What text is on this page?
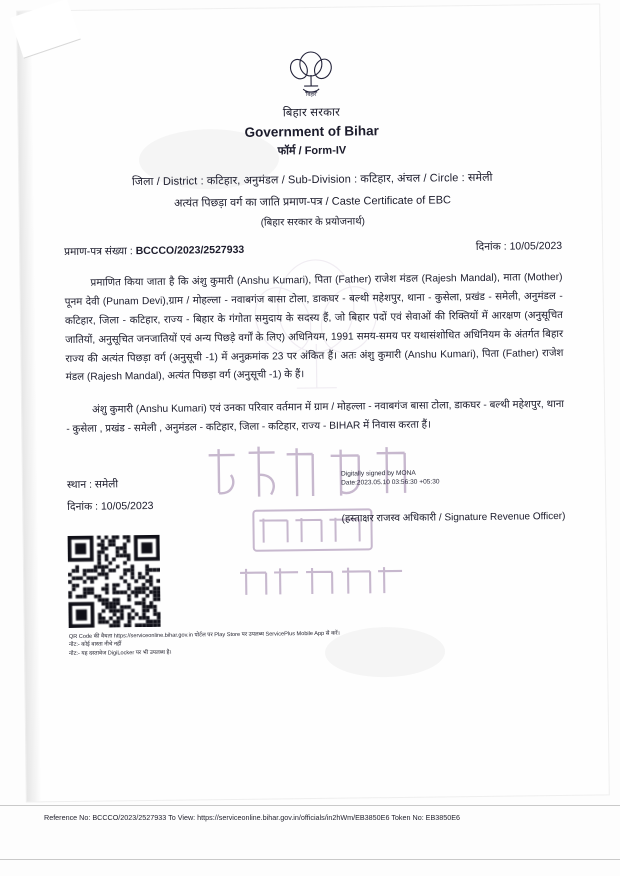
बिहार
बिहार सरकार
Government of Bihar
फॉर्म / Form-IV
जिला / District : कटिहार, अनुमंडल / Sub-Division : कटिहार, अंचल / Circle : समेली
अत्यंत पिछड़ा वर्ग का जाति प्रमाण-पत्र / Caste Certificate of EBC
(बिहार सरकार के प्रयोजनार्थ)
प्रमाण-पत्र संख्या : BCCCO/2023/2527933	दिनांक : 10/05/2023

प्रमाणित किया जाता है कि अंशु कुमारी (Anshu Kumari), पिता (Father) राजेश मंडल (Rajesh Mandal), माता (Mother) पूनम देवी (Punam Devi),ग्राम / मोहल्ला - नवाबगंज बासा टोला, डाकघर - बल्थी महेशपुर, थाना - कुसेला, प्रखंड - समेली, अनुमंडल - कटिहार, जिला - कटिहार, राज्य - बिहार के गंगोता समुदाय के सदस्य हैं, जो बिहार पदों एवं सेवाओं की रिक्तियों में आरक्षण (अनुसूचित जातियों, अनुसूचित जनजातियों एवं अन्य पिछड़े वर्गों के लिए) अधिनियम, 1991 समय-समय पर यथासंशोधित अधिनियम के अंतर्गत बिहार राज्य की अत्यंत पिछड़ा वर्ग (अनुसूची -1) में अनुक्रमांक 23 पर अंकित हैं। अतः अंशु कुमारी (Anshu Kumari), पिता (Father) राजेश मंडल (Rajesh Mandal), अत्यंत पिछड़ा वर्ग (अनुसूची -1) के हैं।

अंशु कुमारी (Anshu Kumari) एवं उनका परिवार वर्तमान में ग्राम / मोहल्ला - नवाबगंज बासा टोला, डाकघर - बल्थी महेशपुर, थाना - कुसेला , प्रखंड - समेली , अनुमंडल - कटिहार, जिला - कटिहार, राज्य - BIHAR में निवास करता हैं।

स्थान : समेली
दिनांक : 10/05/2023
Digitally signed by MONA
Date:2023.05.10 03:56:30 +05:30
(हस्ताक्षर राजस्व अधिकारी / Signature Revenue Officer)
QR Code की वैधता https://serviceonline.bihar.gov.in पोर्टल पर Play Store पर उपलब्ध ServicePlus Mobile App से करें।
नोट:- कोई वास्ता नीचे नहीं
नोट:- यह दस्तावेज DigiLocker पर भी उपलब्ध है।
Reference No: BCCCO/2023/2527933 To View: https://serviceonline.bihar.gov.in/officials/in2hWm/EB3850E6 Token No: EB3850E6
